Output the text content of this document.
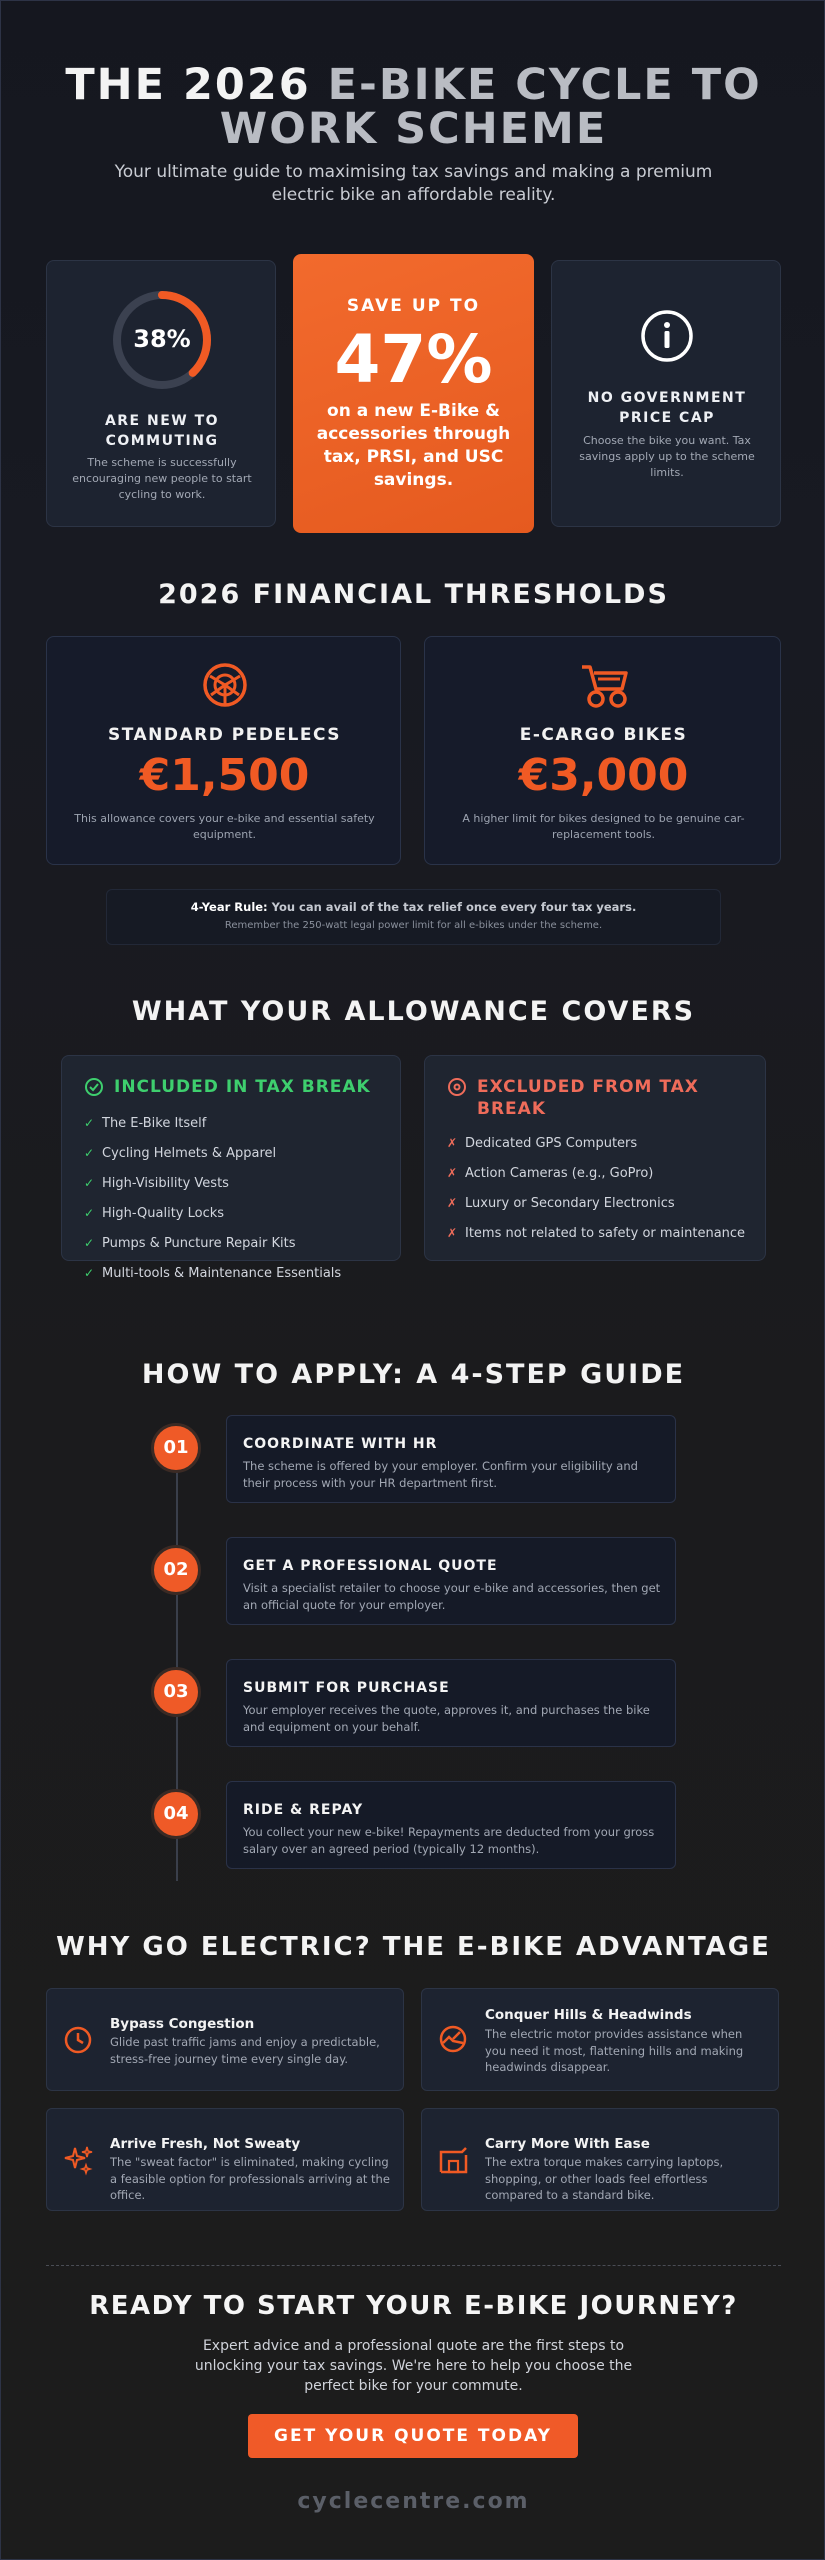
THE 2026 E-BIKE CYCLE TO
WORK SCHEME
Your ultimate guide to maximising tax savings and making a premium electric bike an affordable reality.
38%
ARE NEW TO COMMUTING
The scheme is successfully encouraging new people to start cycling to work.
SAVE UP TO
47%
on a new E-Bike & accessories through tax, PRSI, and USC savings.
NO GOVERNMENT PRICE CAP
Choose the bike you want. Tax savings apply up to the scheme limits.
2026 FINANCIAL THRESHOLDS
STANDARD PEDELECS
€1,500
This allowance covers your e-bike and essential safety equipment.
E-CARGO BIKES
€3,000
A higher limit for bikes designed to be genuine car-replacement tools.
4-Year Rule: You can avail of the tax relief once every four tax years.
Remember the 250-watt legal power limit for all e-bikes under the scheme.
WHAT YOUR ALLOWANCE COVERS
INCLUDED IN TAX BREAK
✓ The E-Bike Itself
✓ Cycling Helmets & Apparel
✓ High-Visibility Vests
✓ High-Quality Locks
✓ Pumps & Puncture Repair Kits
✓ Multi-tools & Maintenance Essentials
EXCLUDED FROM TAX
BREAK
✗ Dedicated GPS Computers
✗ Action Cameras (e.g., GoPro)
✗ Luxury or Secondary Electronics
✗ Items not related to safety or maintenance
HOW TO APPLY: A 4-STEP GUIDE
01	COORDINATE WITH HR
The scheme is offered by your employer. Confirm your eligibility and their process with your HR department first.
02	GET A PROFESSIONAL QUOTE
Visit a specialist retailer to choose your e-bike and accessories, then get an official quote for your employer.
03	SUBMIT FOR PURCHASE
Your employer receives the quote, approves it, and purchases the bike and equipment on your behalf.
04	RIDE & REPAY
You collect your new e-bike! Repayments are deducted from your gross salary over an agreed period (typically 12 months).
WHY GO ELECTRIC? THE E-BIKE ADVANTAGE
Bypass Congestion
Glide past traffic jams and enjoy a predictable, stress-free journey time every single day.
Conquer Hills & Headwinds
The electric motor provides assistance when you need it most, flattening hills and making headwinds disappear.
Arrive Fresh, Not Sweaty
The "sweat factor" is eliminated, making cycling a feasible option for professionals arriving at the office.
Carry More With Ease
The extra torque makes carrying laptops, shopping, or other loads feel effortless compared to a standard bike.
READY TO START YOUR E-BIKE JOURNEY?
Expert advice and a professional quote are the first steps to unlocking your tax savings. We're here to help you choose the perfect bike for your commute.
GET YOUR QUOTE TODAY
cyclecentre.com
